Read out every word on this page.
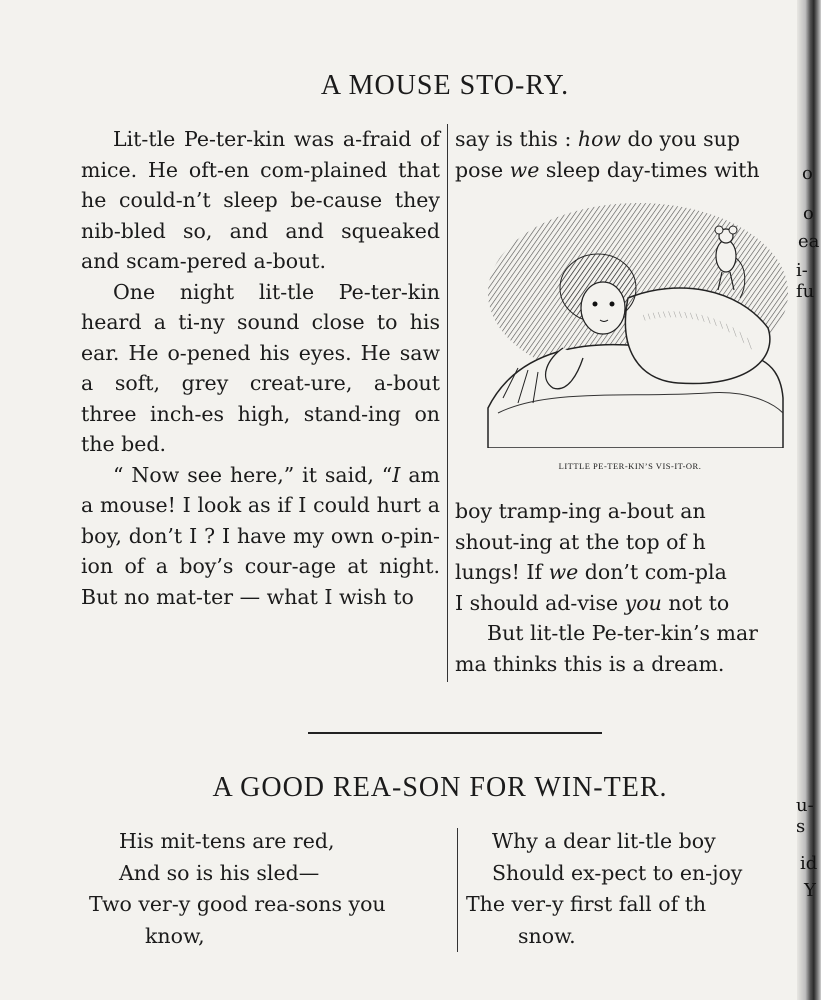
A MOUSE STO-RY.

Lit-tle Pe-ter-kin was a-fraid of mice. He oft-en com-plained that he could-n’t sleep be-cause they nib-bled so, and and squeaked and scam-pered a-bout.

One night lit-tle Pe-ter-kin heard a ti-ny sound close to his ear. He o-pened his eyes. He saw a soft, grey creat-ure, a-bout three inch-es high, stand-ing on the bed.

“ Now see here,” it said, “I am a mouse! I look as if I could hurt a boy, don’t I ? I have my own o-pin-ion of a boy’s cour-age at night. But no mat-ter — what I wish to

say is this : how do you sup
pose we sleep day-times with
LITTLE PE-TER-KIN’S VIS-IT-OR.
boy tramp-ing a-bout an
shout-ing at the top of h
lungs! If we don’t com-pla
I should ad-vise you not to
But lit-tle Pe-ter-kin’s mar
ma thinks this is a dream.
A GOOD REA-SON FOR WIN-TER.
His mit-tens are red,
And so is his sled—
Two ver-y good rea-sons you
know,
Why a dear lit-tle boy
Should ex-pect to en-joy
The ver-y first fall of th
snow.
o
o
ea
i-fu
u-s
id
Y
